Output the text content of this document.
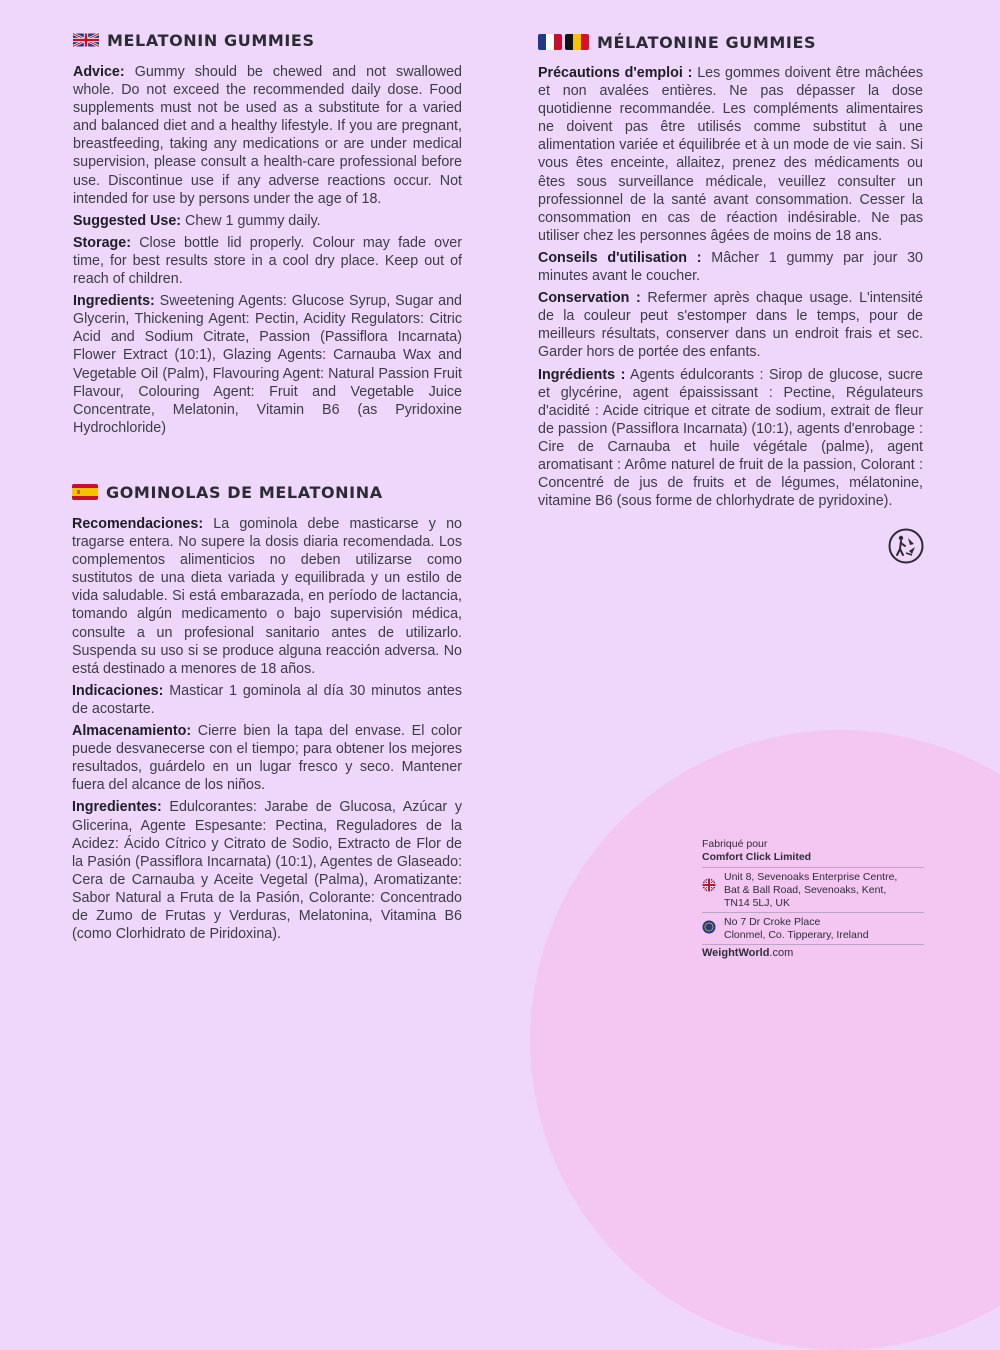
MELATONIN GUMMIES

Advice: Gummy should be chewed and not swallowed whole. Do not exceed the recommended daily dose. Food supplements must not be used as a substitute for a varied and balanced diet and a healthy lifestyle. If you are pregnant, breastfeeding, taking any medications or are under medical supervision, please consult a health-care professional before use. Discontinue use if any adverse reactions occur. Not intended for use by persons under the age of 18.

Suggested Use: Chew 1 gummy daily.

Storage: Close bottle lid properly. Colour may fade over time, for best results store in a cool dry place. Keep out of reach of children.

Ingredients: Sweetening Agents: Glucose Syrup, Sugar and Glycerin, Thickening Agent: Pectin, Acidity Regulators: Citric Acid and Sodium Citrate, Passion (Passiflora Incarnata) Flower Extract (10:1), Glazing Agents: Carnauba Wax and Vegetable Oil (Palm), Flavouring Agent: Natural Passion Fruit Flavour, Colouring Agent: Fruit and Vegetable Juice Concentrate, Melatonin, Vitamin B6 (as Pyridoxine Hydrochloride)

GOMINOLAS DE MELATONINA

Recomendaciones: La gominola debe masticarse y no tragarse entera. No supere la dosis diaria recomendada. Los complementos alimenticios no deben utilizarse como sustitutos de una dieta variada y equilibrada y un estilo de vida saludable. Si está embarazada, en período de lactancia, tomando algún medicamento o bajo supervisión médica, consulte a un profesional sanitario antes de utilizarlo. Suspenda su uso si se produce alguna reacción adversa. No está destinado a menores de 18 años.

Indicaciones: Masticar 1 gominola al día 30 minutos antes de acostarte.

Almacenamiento: Cierre bien la tapa del envase. El color puede desvanecerse con el tiempo; para obtener los mejores resultados, guárdelo en un lugar fresco y seco. Mantener fuera del alcance de los niños.

Ingredientes: Edulcorantes: Jarabe de Glucosa, Azúcar y Glicerina, Agente Espesante: Pectina, Reguladores de la Acidez: Ácido Cítrico y Citrato de Sodio, Extracto de Flor de la Pasión (Passiflora Incarnata) (10:1), Agentes de Glaseado: Cera de Carnauba y Aceite Vegetal (Palma), Aromatizante: Sabor Natural a Fruta de la Pasión, Colorante: Concentrado de Zumo de Frutas y Verduras, Melatonina, Vitamina B6 (como Clorhidrato de Piridoxina).

MÉLATONINE GUMMIES

Précautions d'emploi : Les gommes doivent être mâchées et non avalées entières. Ne pas dépasser la dose quotidienne recommandée. Les compléments alimentaires ne doivent pas être utilisés comme substitut à une alimentation variée et équilibrée et à un mode de vie sain. Si vous êtes enceinte, allaitez, prenez des médicaments ou êtes sous surveillance médicale, veuillez consulter un professionnel de la santé avant consommation. Cesser la consommation en cas de réaction indésirable. Ne pas utiliser chez les personnes âgées de moins de 18 ans.

Conseils d'utilisation : Mâcher 1 gummy par jour 30 minutes avant le coucher.

Conservation : Refermer après chaque usage. L'intensité de la couleur peut s'estomper dans le temps, pour de meilleurs résultats, conserver dans un endroit frais et sec. Garder hors de portée des enfants.

Ingrédients : Agents édulcorants : Sirop de glucose, sucre et glycérine, agent épaississant : Pectine, Régulateurs d'acidité : Acide citrique et citrate de sodium, extrait de fleur de passion (Passiflora Incarnata) (10:1), agents d'enrobage : Cire de Carnauba et huile végétale (palme), agent aromatisant : Arôme naturel de fruit de la passion, Colorant : Concentré de jus de fruits et de légumes, mélatonine, vitamine B6 (sous forme de chlorhydrate de pyridoxine).

Fabriqué pour
Comfort Click Limited
Unit 8, Sevenoaks Enterprise Centre,
Bat & Ball Road, Sevenoaks, Kent,
TN14 5LJ, UK
No 7 Dr Croke Place
Clonmel, Co. Tipperary, Ireland
WeightWorld.com
